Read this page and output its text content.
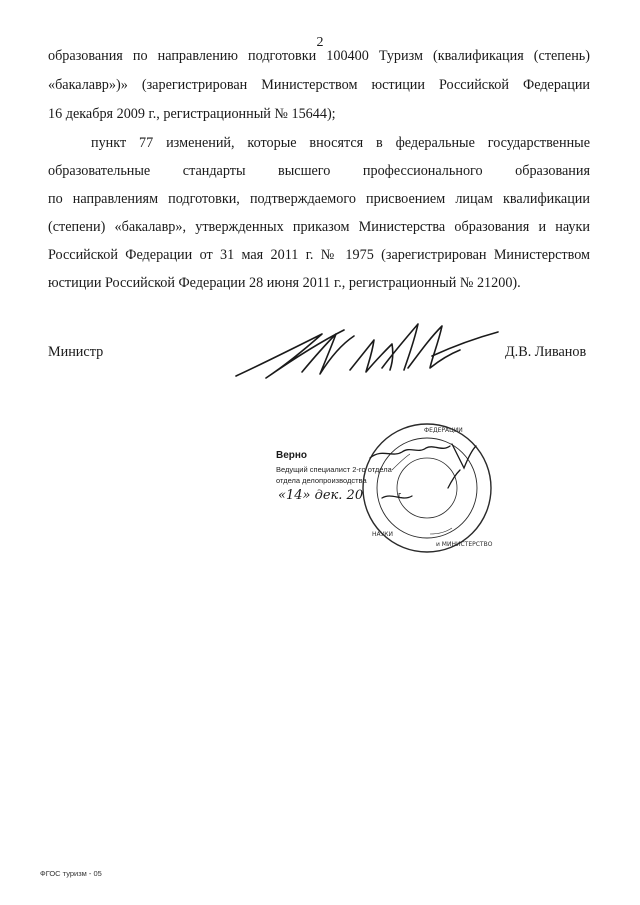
2
образования по направлению подготовки 100400 Туризм (квалификация (степень)
«бакалавр»)» (зарегистрирован Министерством юстиции Российской Федерации
16 декабря 2009 г., регистрационный № 15644);
пункт 77 изменений, которые вносятся в федеральные государственные
образовательные стандарты высшего профессионального образования
по направлениям подготовки, подтверждаемого присвоением лицам квалификации
(степени) «бакалавр», утвержденных приказом Министерства образования и науки
Российской Федерации от 31 мая 2011 г. № 1975 (зарегистрирован Министерством
юстиции Российской Федерации 28 июня 2011 г., регистрационный № 21200).
Министр	Д.В. Ливанов
Верно
Ведущий специалист 2-го отдела
отдела делопроизводства
«14» дек. 20	г.
ФЕДЕРАЦИИ
и МИНИСТЕРСТВО
НАУКИ
ФГОС туризм - 05
